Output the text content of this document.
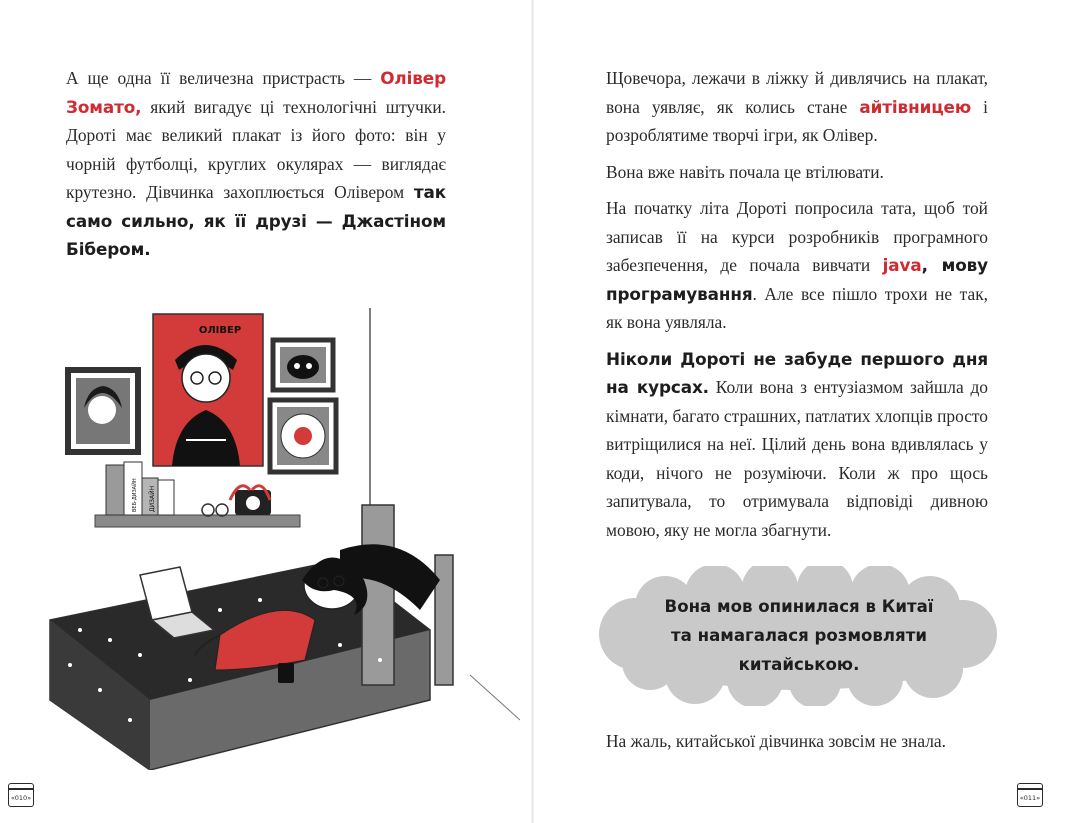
А ще одна її величезна пристрасть — Олівер Зомато, який вигадує ці технологічні штучки. Дороті має великий плакат із його фото: він у чорній футболці, круглих окулярах — виглядає крутезно. Дівчинка захоплюється Олівером так само сильно, як її друзі — Джастіном Бібером.

ОЛІВЕР
ДИЗАЙН
ВЕБ-ДИЗАЙН
«010»

Щовечора, лежачи в ліжку й дивлячись на плакат, вона уявляє, як колись стане айтівницею і розроблятиме творчі ігри, як Олівер.

Вона вже навіть почала це втілювати.

На початку літа Дороті попросила тата, щоб той записав її на курси розробників програмного забезпечення, де почала вивчати java, мову програмування. Але все пішло трохи не так, як вона уявляла.

Ніколи Дороті не забуде першого дня на курсах. Коли вона з ентузіазмом зайшла до кімнати, багато страшних, патлатих хлопців просто витріщилися на неї. Цілий день вона вдивлялась у коди, нічого не розуміючи. Коли ж про щось запитувала, то отримувала відповіді дивною мовою, яку не могла збагнути.

Вона мов опинилася в Китаї
та намагалася розмовляти
китайською.
На жаль, китайської дівчинка зовсім не знала.
«011»
